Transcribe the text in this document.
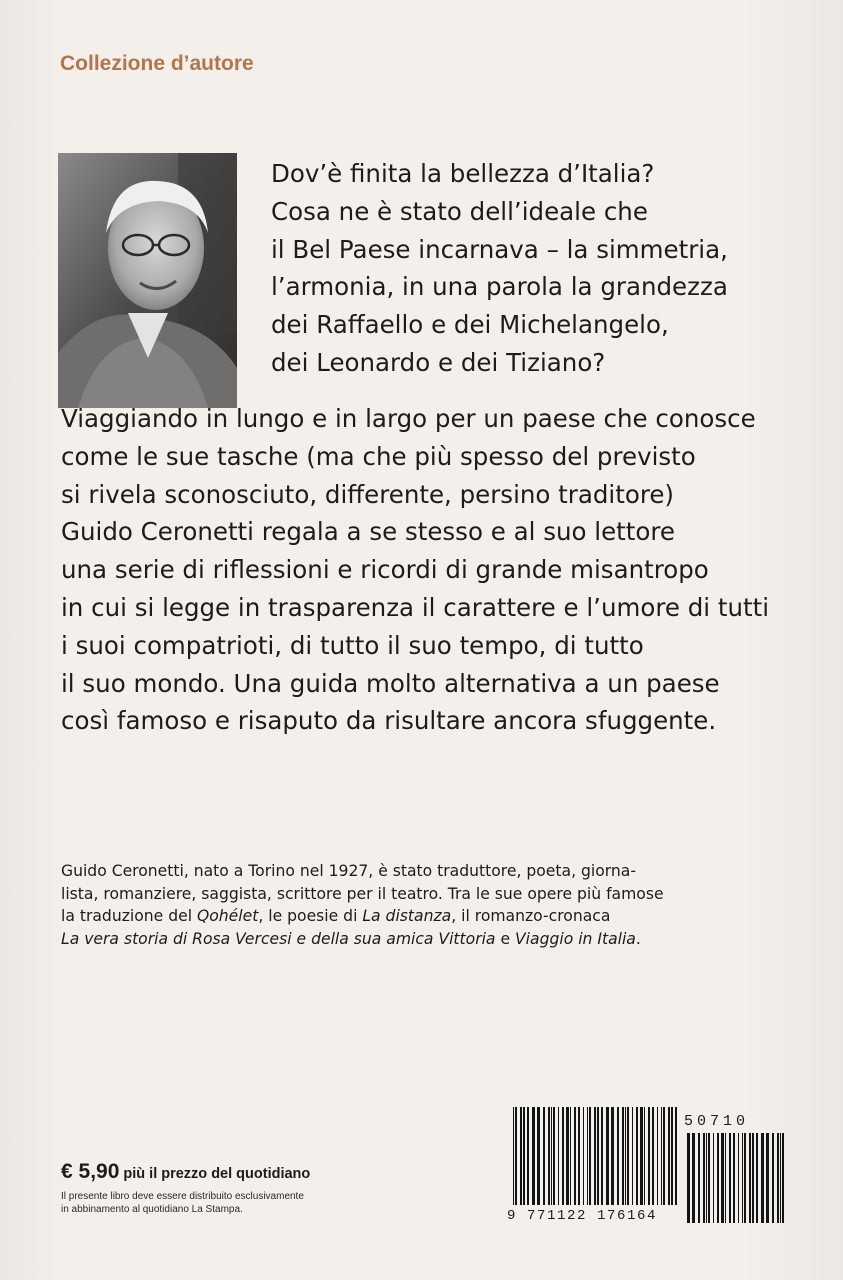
Collezione d’autore

Dov’è finita la bellezza d’Italia?
Cosa ne è stato dell’ideale che
il Bel Paese incarnava – la simmetria,
l’armonia, in una parola la grandezza
dei Raffaello e dei Michelangelo,
dei Leonardo e dei Tiziano?

Viaggiando in lungo e in largo per un paese che conosce
come le sue tasche (ma che più spesso del previsto
si rivela sconosciuto, differente, persino traditore)
Guido Ceronetti regala a se stesso e al suo lettore
una serie di riflessioni e ricordi di grande misantropo
in cui si legge in trasparenza il carattere e l’umore di tutti
i suoi compatrioti, di tutto il suo tempo, di tutto
il suo mondo. Una guida molto alternativa a un paese
così famoso e risaputo da risultare ancora sfuggente.

Guido Ceronetti, nato a Torino nel 1927, è stato traduttore, poeta, giorna-
lista, romanziere, saggista, scrittore per il teatro. Tra le sue opere più famose
la traduzione del Qohélet, le poesie di La distanza, il romanzo-cronaca
La vera storia di Rosa Vercesi e della sua amica Vittoria e Viaggio in Italia.

€ 5,90 più il prezzo del quotidiano

Il presente libro deve essere distribuito esclusivamente
in abbinamento al quotidiano La Stampa.

50710

9 771122 176164
